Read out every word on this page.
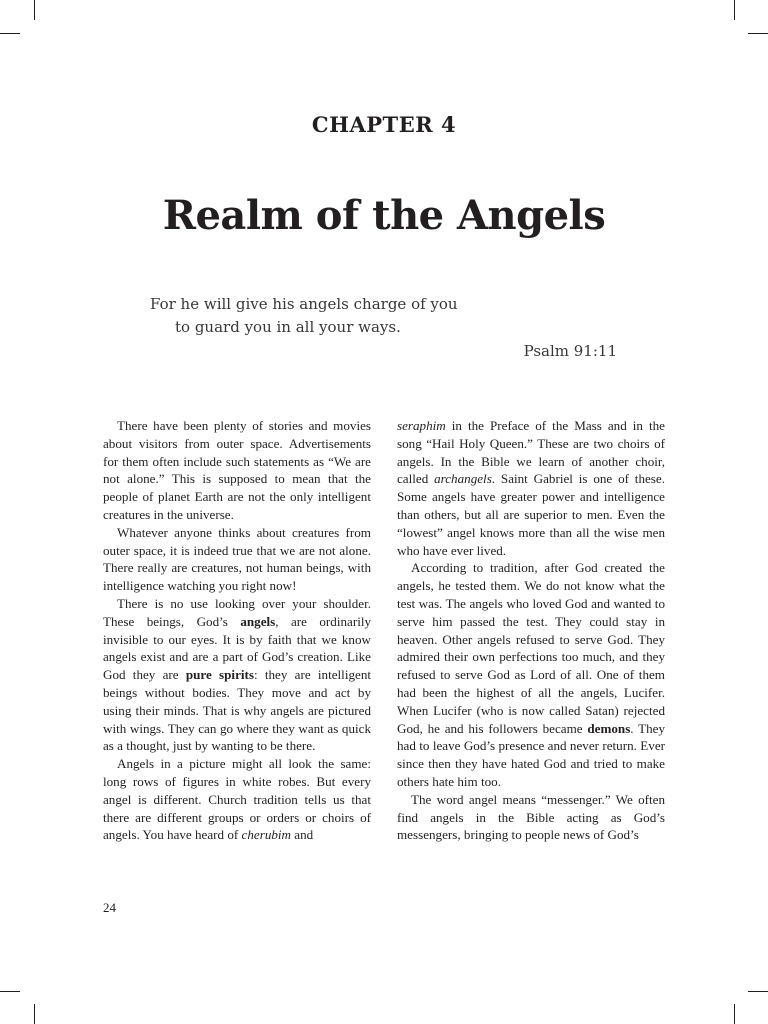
CHAPTER 4
Realm of the Angels
For he will give his angels charge of you
to guard you in all your ways.
Psalm 91:11

There have been plenty of stories and movies about visitors from outer space. Advertisements for them often include such statements as “We are not alone.” This is supposed to mean that the people of planet Earth are not the only intelligent creatures in the universe.

Whatever anyone thinks about creatures from outer space, it is indeed true that we are not alone. There really are creatures, not human beings, with intelligence watching you right now!

There is no use looking over your shoulder. These beings, God’s angels, are ordinarily invisible to our eyes. It is by faith that we know angels exist and are a part of God’s creation. Like God they are pure spirits: they are intelligent beings without bodies. They move and act by using their minds. That is why angels are pictured with wings. They can go where they want as quick as a thought, just by wanting to be there.

Angels in a picture might all look the same: long rows of figures in white robes. But every angel is different. Church tradition tells us that there are different groups or orders or choirs of angels. You have heard of cherubim and

seraphim in the Preface of the Mass and in the song “Hail Holy Queen.” These are two choirs of angels. In the Bible we learn of another choir, called archangels. Saint Gabriel is one of these. Some angels have greater power and intelligence than others, but all are superior to men. Even the “lowest” angel knows more than all the wise men who have ever lived.

According to tradition, after God created the angels, he tested them. We do not know what the test was. The angels who loved God and wanted to serve him passed the test. They could stay in heaven. Other angels refused to serve God. They admired their own perfections too much, and they refused to serve God as Lord of all. One of them had been the highest of all the angels, Lucifer. When Lucifer (who is now called Satan) rejected God, he and his followers became demons. They had to leave God’s presence and never return. Ever since then they have hated God and tried to make others hate him too.

The word angel means “messenger.” We often find angels in the Bible acting as God’s messengers, bringing to people news of God’s

24
